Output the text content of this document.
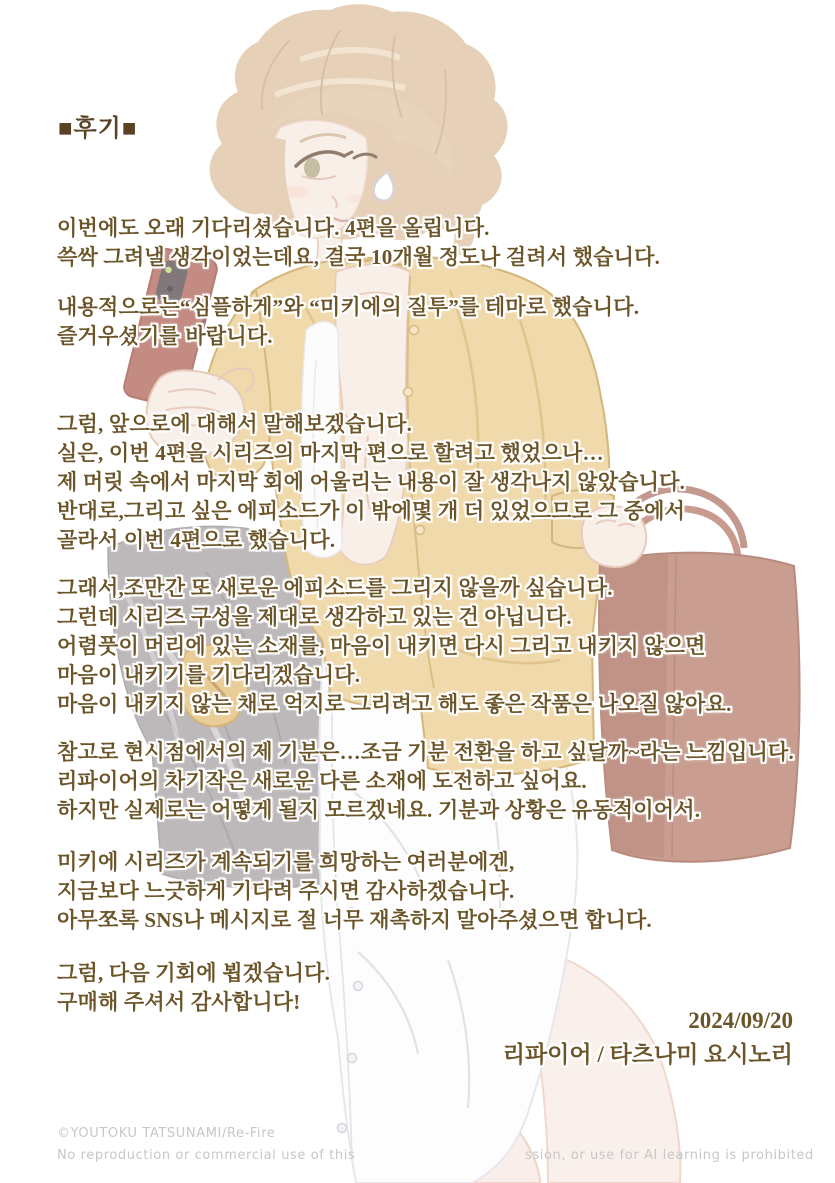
©YOUTOKU TATSUNAMI/Re-Fire
No reproduction or commercial use of this	ssion, or use for AI learning is prohibited
■후기■
이번에도 오래 기다리셨습니다. 4편을 올립니다.
쓱싹 그려낼 생각이었는데요, 결국 10개월 정도나 걸려서 했습니다.
내용적으로는“심플하게”와 “미키에의 질투”를 테마로 했습니다.
즐거우셨기를 바랍니다.
그럼, 앞으로에 대해서 말해보겠습니다.
실은, 이번 4편을 시리즈의 마지막 편으로 할려고 했었으나…
제 머릿 속에서 마지막 회에 어울리는 내용이 잘 생각나지 않았습니다.
반대로,그리고 싶은 에피소드가 이 밖에몇 개 더 있었으므로 그 중에서
골라서 이번 4편으로 했습니다.
그래서,조만간 또 새로운 에피소드를 그리지 않을까 싶습니다.
그런데 시리즈 구성을 제대로 생각하고 있는 건 아닙니다.
어렴풋이 머리에 있는 소재를, 마음이 내키면 다시 그리고 내키지 않으면
마음이 내키기를 기다리겠습니다.
마음이 내키지 않는 채로 억지로 그리려고 해도 좋은 작품은 나오질 않아요.
참고로 현시점에서의 제 기분은…조금 기분 전환을 하고 싶달까~라는 느낌입니다.
리파이어의 차기작은 새로운 다른 소재에 도전하고 싶어요.
하지만 실제로는 어떻게 될지 모르겠네요. 기분과 상황은 유동적이어서.
미키에 시리즈가 계속되기를 희망하는 여러분에겐,
지금보다 느긋하게 기다려 주시면 감사하겠습니다.
아무쪼록 SNS나 메시지로 절 너무 재촉하지 말아주셨으면 합니다.
그럼, 다음 기회에 뵙겠습니다.
구매해 주셔서 감사합니다!
2024/09/20
리파이어 / 타츠나미 요시노리
